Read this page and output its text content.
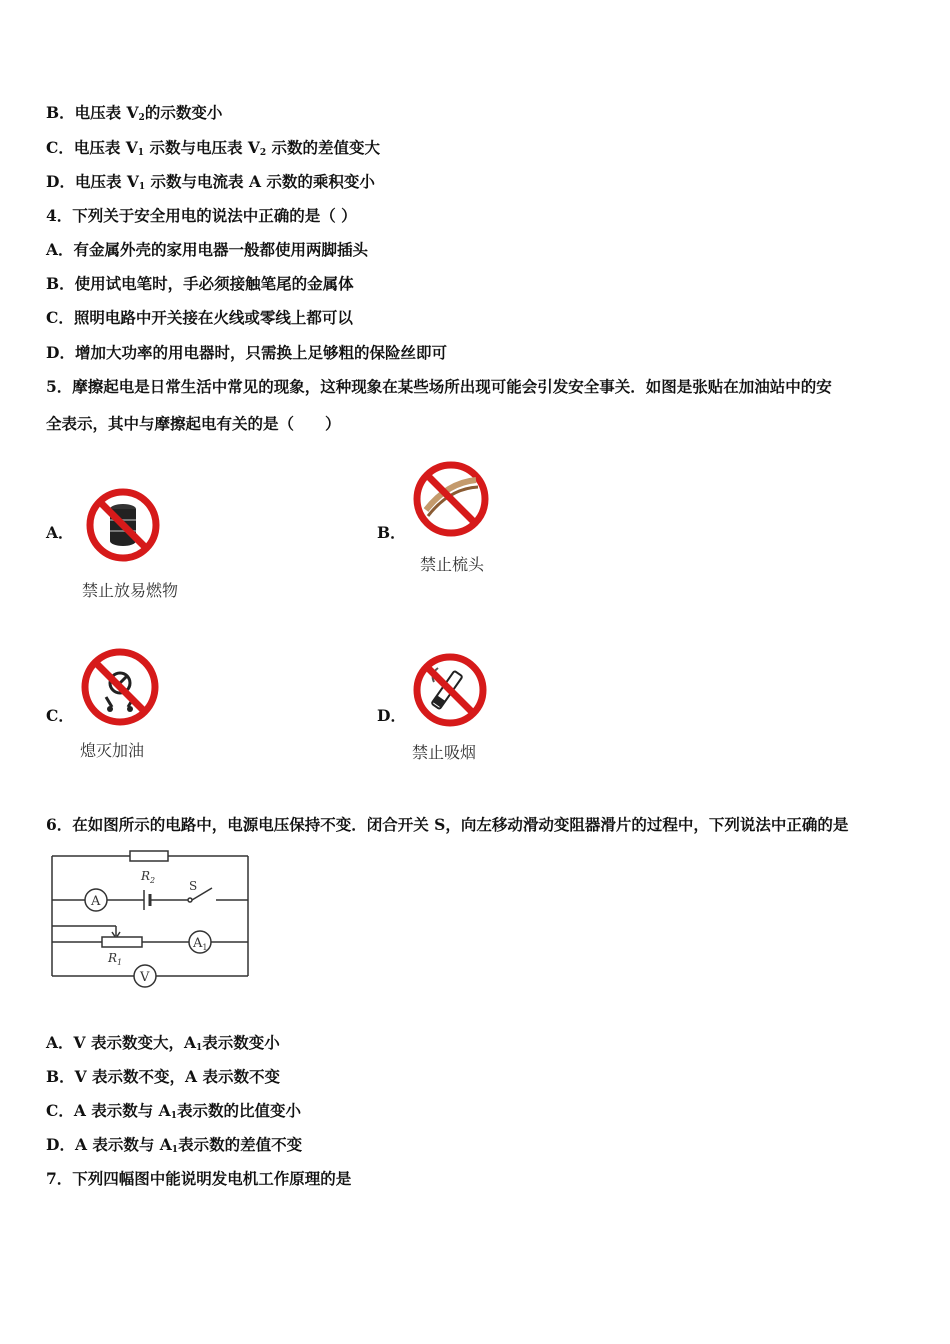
B．电压表 $V_2$的示数变小
C．电压表 $V_1$ 示数与电压表 $V_2$ 示数的差值变大
D．电压表 $V_1$ 示数与电流表 A 示数的乘积变小
4．下列关于安全用电的说法中正确的是（ ）
A．有金属外壳的家用电器一般都使用两脚插头
B．使用试电笔时，手必须接触笔尾的金属体
C．照明电路中开关接在火线或零线上都可以
D．增加大功率的用电器时，只需换上足够粗的保险丝即可
5．摩擦起电是日常生活中常见的现象，这种现象在某些场所出现可能会引发安全事关．如图是张贴在加油站中的安
全表示，其中与摩擦起电有关的是（　　）
A．
禁止放易燃物
B．
禁止梳头
C．
熄灭加油
D．
禁止吸烟
6．在如图所示的电路中，电源电压保持不变．闭合开关 S，向左移动滑动变阻器滑片的过程中，下列说法中正确的是
$R_2$	S
A
$A_1$
$R_1$
V
A．V 表示数变大，$A_1$表示数变小
B．V 表示数不变，A 表示数不变
C．A 表示数与 $A_1$表示数的比值变小
D．A 表示数与 $A_1$表示数的差值不变
7．下列四幅图中能说明发电机工作原理的是
